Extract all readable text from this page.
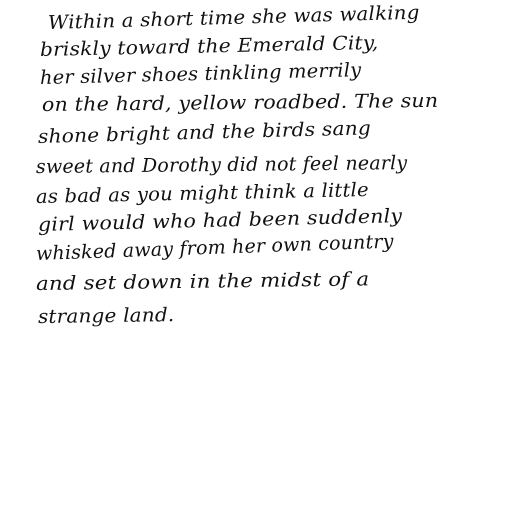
Within a short time she was walking
briskly toward the Emerald City,
her silver shoes tinkling merrily
on the hard, yellow roadbed. The sun
shone bright and the birds sang
sweet and Dorothy did not feel nearly
as bad as you might think a little
girl would who had been suddenly
whisked away from her own country
and set down in the midst of a
strange land.
